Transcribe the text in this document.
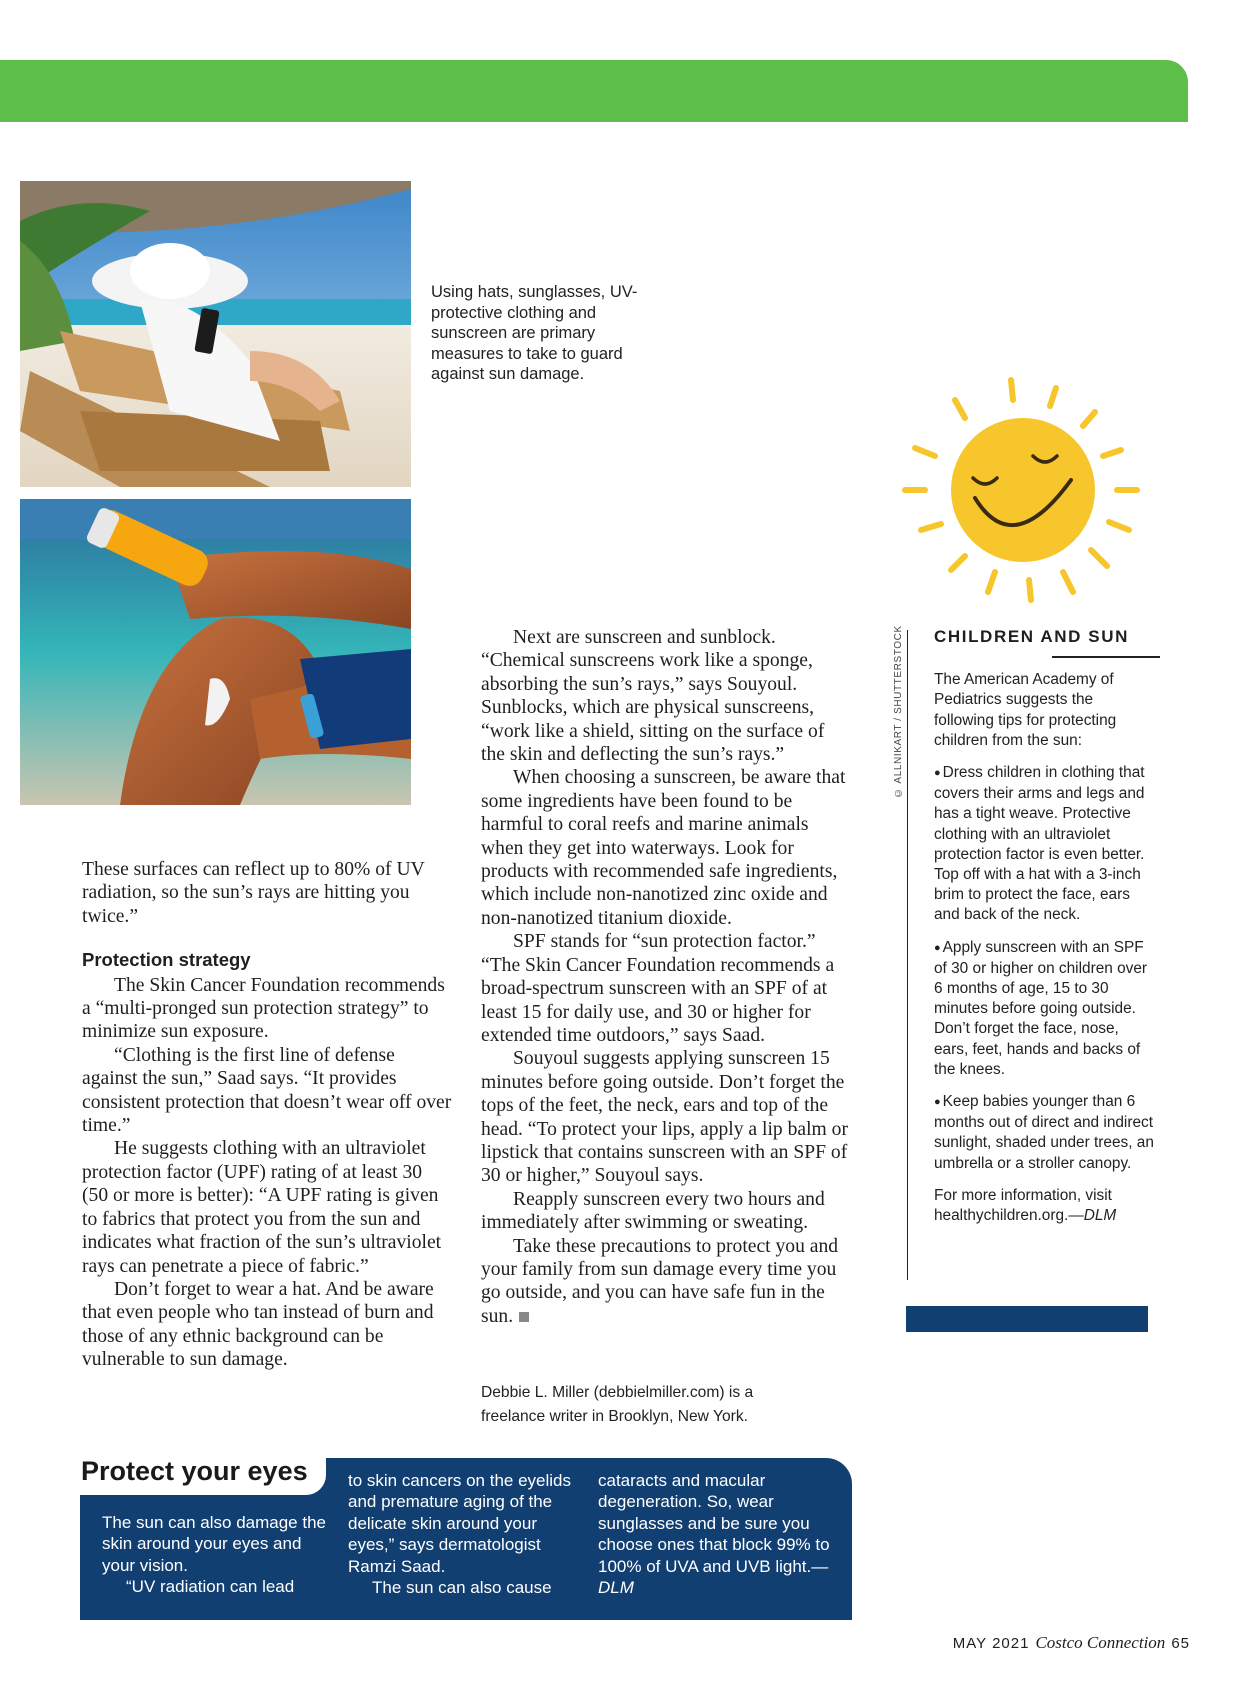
Using hats, sunglasses, UV-protective clothing and sunscreen are primary measures to take to guard against sun damage.

These surfaces can reflect up to 80% of UV radiation, so the sun’s rays are hitting you twice.”

Protection strategy

The Skin Cancer Foundation recommends a “multi-pronged sun protection strategy” to minimize sun exposure.

“Clothing is the first line of defense against the sun,” Saad says. “It provides consistent protection that doesn’t wear off over time.”

He suggests clothing with an ultraviolet protection factor (UPF) rating of at least 30 (50 or more is better): “A UPF rating is given to fabrics that protect you from the sun and indicates what fraction of the sun’s ultraviolet rays can penetrate a piece of fabric.”

Don’t forget to wear a hat. And be aware that even people who tan instead of burn and those of any ethnic background can be vulnerable to sun damage.

Next are sunscreen and sunblock. “Chemical sunscreens work like a sponge, absorbing the sun’s rays,” says Souyoul. Sunblocks, which are physical sunscreens, “work like a shield, sitting on the surface of the skin and deflecting the sun’s rays.”

When choosing a sunscreen, be aware that some ingredients have been found to be harmful to coral reefs and marine animals when they get into waterways. Look for products with recommended safe ingredients, which include non-nanotized zinc oxide and non-nanotized titanium dioxide.

SPF stands for “sun protection factor.” “The Skin Cancer Foundation recommends a broad-spectrum sunscreen with an SPF of at least 15 for daily use, and 30 or higher for extended time outdoors,” says Saad.

Souyoul suggests applying sunscreen 15 minutes before going outside. Don’t forget the tops of the feet, the neck, ears and top of the head. “To protect your lips, apply a lip balm or lipstick that contains sunscreen with an SPF of 30 or higher,” Souyoul says.

Reapply sunscreen every two hours and immediately after swimming or sweating.

Take these precautions to protect you and your family from sun damage every time you go outside, and you can have safe fun in the sun.

Debbie L. Miller (debbielmiller.com) is a freelance writer in Brooklyn, New York.
© ALLNIKART / SHUTTERSTOCK CHILDREN AND SUN

The American Academy of Pediatrics suggests the following tips for protecting children from the sun:

● Dress children in clothing that covers their arms and legs and has a tight weave. Protective clothing with an ultraviolet protection factor is even better. Top off with a hat with a 3-inch brim to protect the face, ears and back of the neck.

● Apply sunscreen with an SPF of 30 or higher on children over 6 months of age, 15 to 30 minutes before going outside. Don’t forget the face, nose, ears, feet, hands and backs of the knees.

● Keep babies younger than 6 months out of direct and indirect sunlight, shaded under trees, an umbrella or a stroller canopy.

For more information, visit healthychildren.org.—DLM

Protect your eyes

The sun can also damage the skin around your eyes and your vision.

“UV radiation can lead

to skin cancers on the eyelids and premature aging of the delicate skin around your eyes,” says dermatologist Ramzi Saad.

The sun can also cause

cataracts and macular degeneration. So, wear sunglasses and be sure you choose ones that block 99% to 100% of UVA and UVB light.—DLM

MAY 2021 Costco Connection 65
